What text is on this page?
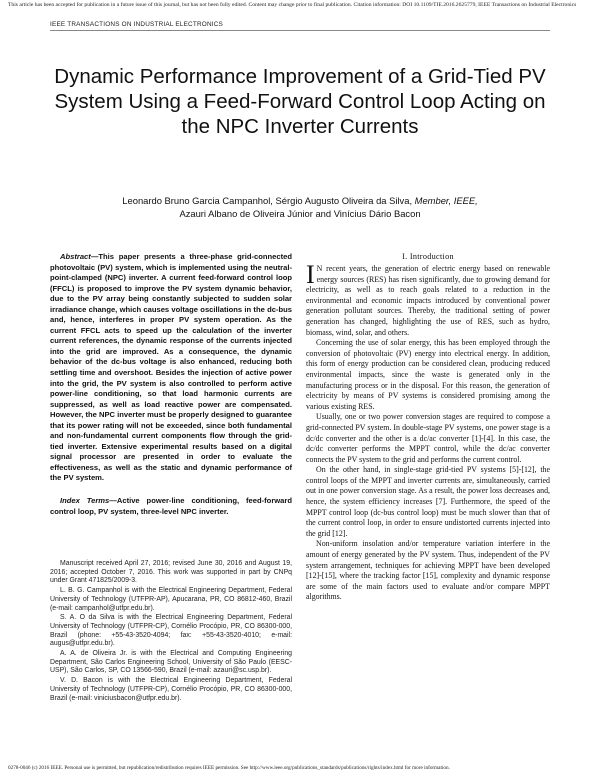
This article has been accepted for publication in a future issue of this journal, but has not been fully edited. Content may change prior to final publication. Citation information: DOI 10.1109/TIE.2016.2625779, IEEE Transactions on Industrial Electronics
IEEE TRANSACTIONS ON INDUSTRIAL ELECTRONICS
Dynamic Performance Improvement of a Grid-Tied PV System Using a Feed-Forward Control Loop Acting on the NPC Inverter Currents
Leonardo Bruno Garcia Campanhol, Sérgio Augusto Oliveira da Silva, Member, IEEE,
Azauri Albano de Oliveira Júnior and Vinícius Dário Bacon

Abstract—This paper presents a three-phase grid-connected photovoltaic (PV) system, which is implemented using the neutral-point-clamped (NPC) inverter. A current feed-forward control loop (FFCL) is proposed to improve the PV system dynamic behavior, due to the PV array being constantly subjected to sudden solar irradiance change, which causes voltage oscillations in the dc-bus and, hence, interferes in proper PV system operation. As the current FFCL acts to speed up the calculation of the inverter current references, the dynamic response of the currents injected into the grid are improved. As a consequence, the dynamic behavior of the dc-bus voltage is also enhanced, reducing both settling time and overshoot. Besides the injection of active power into the grid, the PV system is also controlled to perform active power-line conditioning, so that load harmonic currents are suppressed, as well as load reactive power are compensated. However, the NPC inverter must be properly designed to guarantee that its power rating will not be exceeded, since both fundamental and non-fundamental current components flow through the grid-tied inverter. Extensive experimental results based on a digital signal processor are presented in order to evaluate the effectiveness, as well as the static and dynamic performance of the PV system.

Index Terms—Active power-line conditioning, feed-forward control loop, PV system, three-level NPC inverter.

Manuscript received April 27, 2016; revised June 30, 2016 and August 19, 2016; accepted October 7, 2016. This work was supported in part by CNPq under Grant 471825/2009-3.

L. B. G. Campanhol is with the Electrical Engineering Department, Federal University of Technology (UTFPR-AP), Apucarana, PR, CO 86812-460, Brazil (e-mail: campanhol@utfpr.edu.br).

S. A. O da Silva is with the Electrical Engineering Department, Federal University of Technology (UTFPR-CP), Cornélio Procópio, PR, CO 86300-000, Brazil (phone: +55-43-3520-4094; fax: +55-43-3520-4010; e-mail: augus@utfpr.edu.br).

A. A. de Oliveira Jr. is with the Electrical and Computing Engineering Department, São Carlos Engineering School, University of São Paulo (EESC-USP), São Carlos, SP, CO 13566-590, Brazil (e-mail: azauri@sc.usp.br).

V. D. Bacon is with the Electrical Engineering Department, Federal University of Technology (UTFPR-CP), Cornélio Procópio, PR, CO 86300-000, Brazil (e-mail: viniciusbacon@utfpr.edu.br).

I. Introduction

I N recent years, the generation of electric energy based on renewable energy sources (RES) has risen significantly, due to growing demand for electricity, as well as to reach goals related to a reduction in the environmental and economic impacts introduced by conventional power generation pollutant sources. Thereby, the traditional setting of power generation has changed, highlighting the use of RES, such as hydro, biomass, wind, solar, and others.

Concerning the use of solar energy, this has been employed through the conversion of photovoltaic (PV) energy into electrical energy. In addition, this form of energy production can be considered clean, producing reduced environmental impacts, since the waste is generated only in the manufacturing process or in the disposal. For this reason, the generation of electricity by means of PV systems is considered promising among the various existing RES.

Usually, one or two power conversion stages are required to compose a grid-connected PV system. In double-stage PV systems, one power stage is a dc/dc converter and the other is a dc/ac converter [1]-[4]. In this case, the dc/dc converter performs the MPPT control, while the dc/ac converter connects the PV system to the grid and performs the current control.

On the other hand, in single-stage grid-tied PV systems [5]-[12], the control loops of the MPPT and inverter currents are, simultaneously, carried out in one power conversion stage. As a result, the power loss decreases and, hence, the system efficiency increases [7]. Furthermore, the speed of the MPPT control loop (dc-bus control loop) must be much slower than that of the current control loop, in order to ensure undistorted currents injected into the grid [12].

Non-uniform insolation and/or temperature variation interfere in the amount of energy generated by the PV system. Thus, independent of the PV system arrangement, techniques for achieving MPPT have been developed [12]-[15], where the tracking factor [15], complexity and dynamic response are some of the main factors used to evaluate and/or compare MPPT algorithms.

0278-0046 (c) 2016 IEEE. Personal use is permitted, but republication/redistribution requires IEEE permission. See http://www.ieee.org/publications_standards/publications/rights/index.html for more information.
